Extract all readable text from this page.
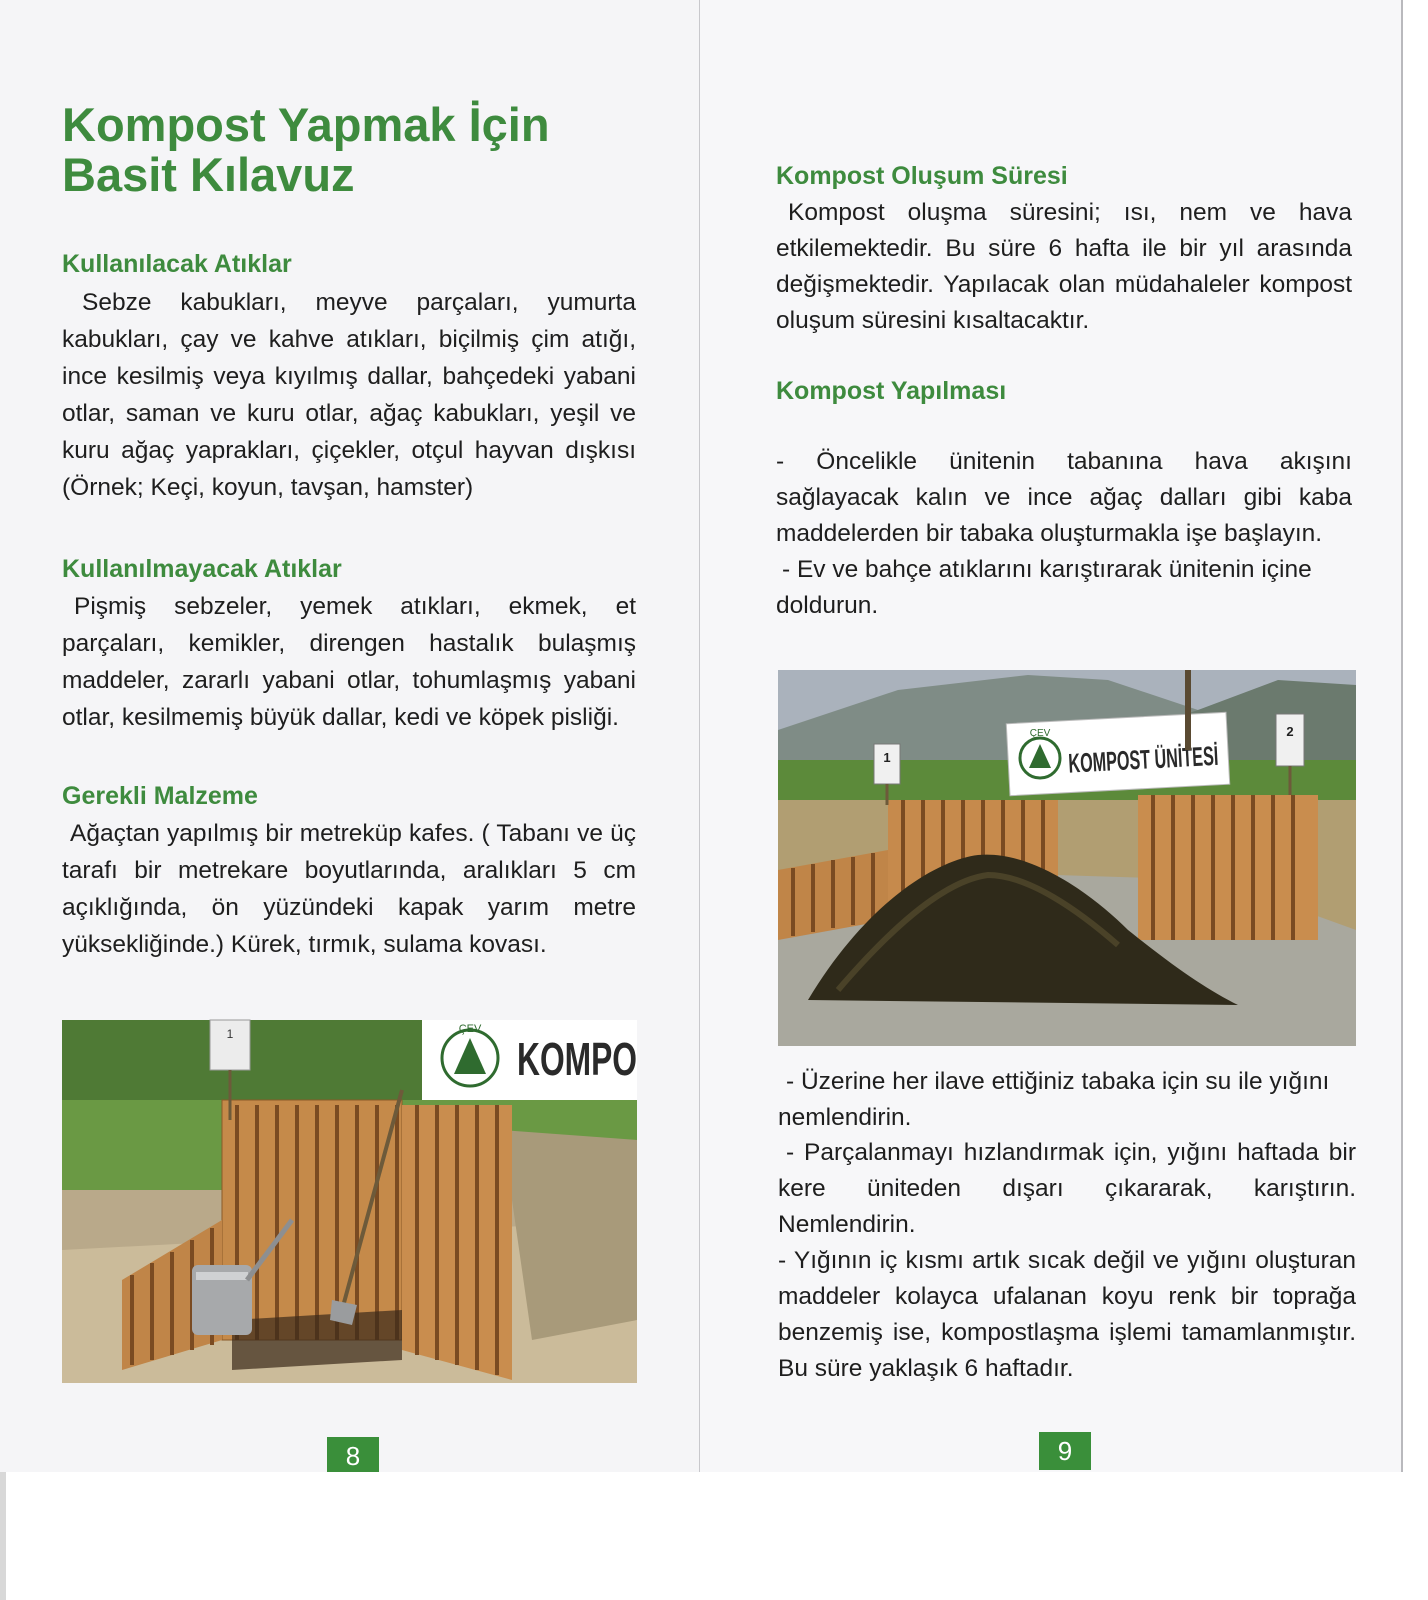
Kompost Yapmak İçin Basit Kılavuz
Kullanılacak Atıklar

Sebze kabukları, meyve parçaları, yumurta kabukları, çay ve kahve atıkları, biçilmiş çim atığı, ince kesilmiş veya kıyılmış dallar, bahçedeki yabani otlar, saman ve kuru otlar, ağaç kabukları, yeşil ve kuru ağaç yaprakları, çiçekler, otçul hayvan dışkısı (Örnek; Keçi, koyun, tavşan, hamster)

Kullanılmayacak Atıklar

Pişmiş sebzeler, yemek atıkları, ekmek, et parçaları, kemikler, direngen hastalık bulaşmış maddeler, zararlı yabani otlar, tohumlaşmış yabani otlar, kesilmemiş büyük dallar, kedi ve köpek pisliği.

Gerekli Malzeme

Ağaçtan yapılmış bir metreküp kafes. ( Tabanı ve üç tarafı bir metrekare boyutlarında, aralıkları 5 cm açıklığında, ön yüzündeki kapak yarım metre yüksekliğinde.) Kürek, tırmık, sulama kovası.

1	ÇEV
KOMPO
8
Kompost Oluşum Süresi

Kompost oluşma süresini; ısı, nem ve hava etkilemektedir. Bu süre 6 hafta ile bir yıl arasında değişmektedir. Yapılacak olan müdahaleler kompost oluşum süresini kısaltacaktır.

Kompost Yapılması

- Öncelikle ünitenin tabanına hava akışını sağlayacak kalın ve ince ağaç dalları gibi kaba maddelerden bir tabaka oluşturmakla işe başlayın.

- Ev ve bahçe atıklarını karıştırarak ünitenin içine doldurun.

ÇEV
KOMPOST ÜNİTESİ
1
2

- Üzerine her ilave ettiğiniz tabaka için su ile yığını nemlendirin.

- Parçalanmayı hızlandırmak için, yığını haftada bir kere üniteden dışarı çıkararak, karıştırın. Nemlendirin.

- Yığının iç kısmı artık sıcak değil ve yığını oluşturan maddeler kolayca ufalanan koyu renk bir toprağa benzemiş ise, kompostlaşma işlemi tamamlanmıştır. Bu süre yaklaşık 6 haftadır.

9
